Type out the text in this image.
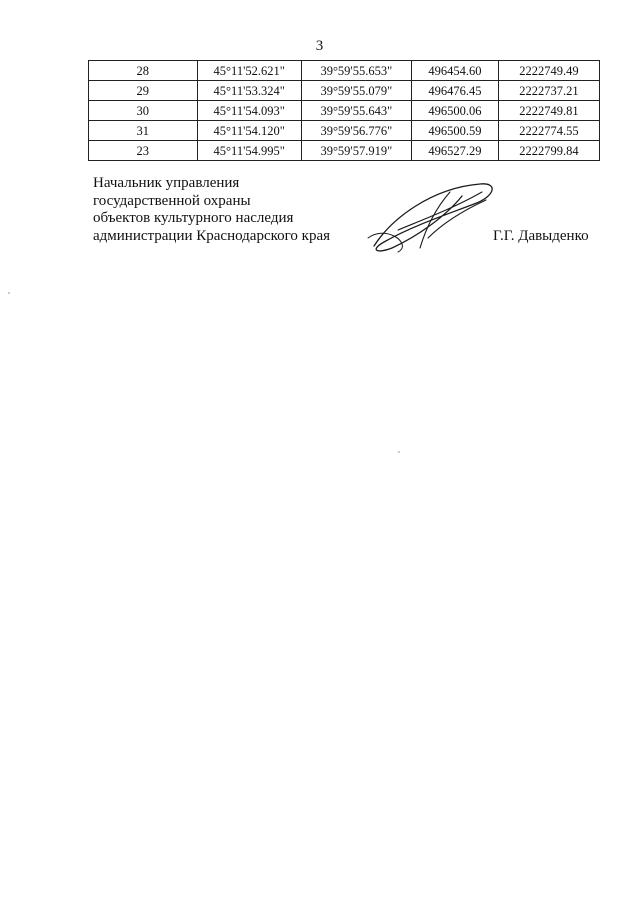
3
28	45°11'52.621"	39°59'55.653"	496454.60	2222749.49
29	45°11'53.324"	39°59'55.079"	496476.45	2222737.21
30	45°11'54.093"	39°59'55.643"	496500.06	2222749.81
31	45°11'54.120"	39°59'56.776"	496500.59	2222774.55
23	45°11'54.995"	39°59'57.919"	496527.29	2222799.84
Начальник управления
государственной охраны
объектов культурного наследия
администрации Краснодарского края	Г.Г. Давыденко
